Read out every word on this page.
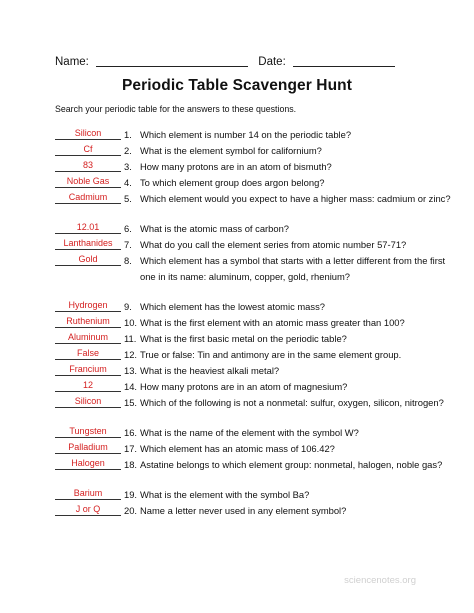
Name:	Date:
Periodic Table Scavenger Hunt
Search your periodic table for the answers to these questions.
Silicon	1. Which element is number 14 on the periodic table?
Cf	2. What is the element symbol for californium?
83	3. How many protons are in an atom of bismuth?
Noble Gas	4. To which element group does argon belong?
Cadmium	5. Which element would you expect to have a higher mass: cadmium or zinc?
12.01	6. What is the atomic mass of carbon?
Lanthanides	7. What do you call the element series from atomic number 57-71?
Gold	8. Which element has a symbol that starts with a letter different from the first one in its name: aluminum, copper, gold, rhenium?
Hydrogen	9. Which element has the lowest atomic mass?
Ruthenium	10. What is the first element with an atomic mass greater than 100?
Aluminum	11. What is the first basic metal on the periodic table?
False	12. True or false: Tin and antimony are in the same element group.
Francium	13. What is the heaviest alkali metal?
12	14. How many protons are in an atom of magnesium?
Silicon	15. Which of the following is not a nonmetal: sulfur, oxygen, silicon, nitrogen?
Tungsten	16. What is the name of the element with the symbol W?
Palladium	17. Which element has an atomic mass of 106.42?
Halogen	18. Astatine belongs to which element group: nonmetal, halogen, noble gas?
Barium	19. What is the element with the symbol Ba?
J or Q	20. Name a letter never used in any element symbol?
sciencenotes.org
